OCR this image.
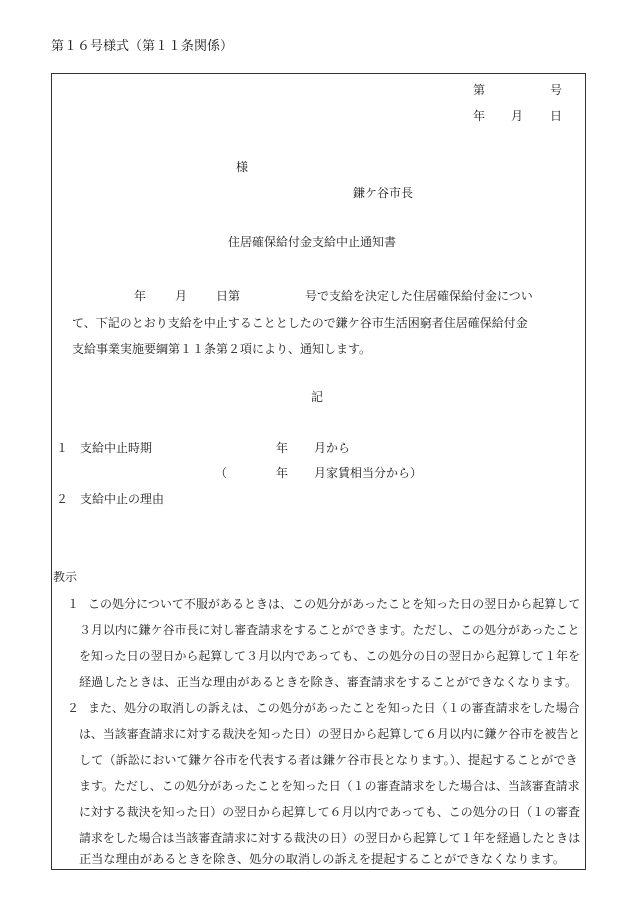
第１６号様式（第１１条関係）
第	号
年 月 日
様
鎌ケ谷市長
住居確保給付金支給中止通知書
年 月 日第	号で支給を決定した住居確保給付金につい
て、下記のとおり支給を中止することとしたので鎌ケ谷市生活困窮者住居確保給付金
支給事業実施要綱第１１条第２項により、通知します。
記
１ 支給中止時期	年 月から
（	年 月家賃相当分から）
２ 支給中止の理由
教示
１ この処分について不服があるときは、この処分があったことを知った日の翌日から起算して
３月以内に鎌ケ谷市長に対し審査請求をすることができます。ただし、この処分があったこと
を知った日の翌日から起算して３月以内であっても、この処分の日の翌日から起算して１年を
経過したときは、正当な理由があるときを除き、審査請求をすることができなくなります。
２ また、処分の取消しの訴えは、この処分があったことを知った日（１の審査請求をした場合
は、当該審査請求に対する裁決を知った日）の翌日から起算して６月以内に鎌ケ谷市を被告と
して（訴訟において鎌ケ谷市を代表する者は鎌ケ谷市長となります。）、提起することができ
ます。ただし、この処分があったことを知った日（１の審査請求をした場合は、当該審査請求
に対する裁決を知った日）の翌日から起算して６月以内であっても、この処分の日（１の審査
請求をした場合は当該審査請求に対する裁決の日）の翌日から起算して１年を経過したときは
正当な理由があるときを除き、処分の取消しの訴えを提起することができなくなります。
